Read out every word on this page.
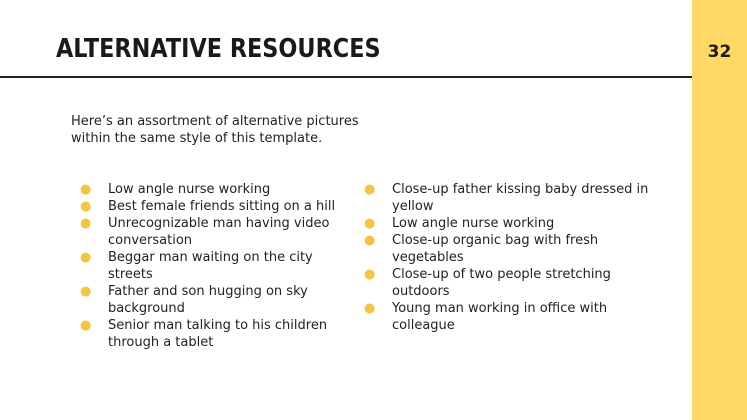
32
ALTERNATIVE RESOURCES

Here’s an assortment of alternative pictures within the same style of this template.

● Low angle nurse working
● Best female friends sitting on a hill
● Unrecognizable man having video conversation
● Beggar man waiting on the city streets
● Father and son hugging on sky background
● Senior man talking to his children through a tablet
● Close-up father kissing baby dressed in yellow
● Low angle nurse working
● Close-up organic bag with fresh vegetables
● Close-up of two people stretching outdoors
● Young man working in office with colleague
